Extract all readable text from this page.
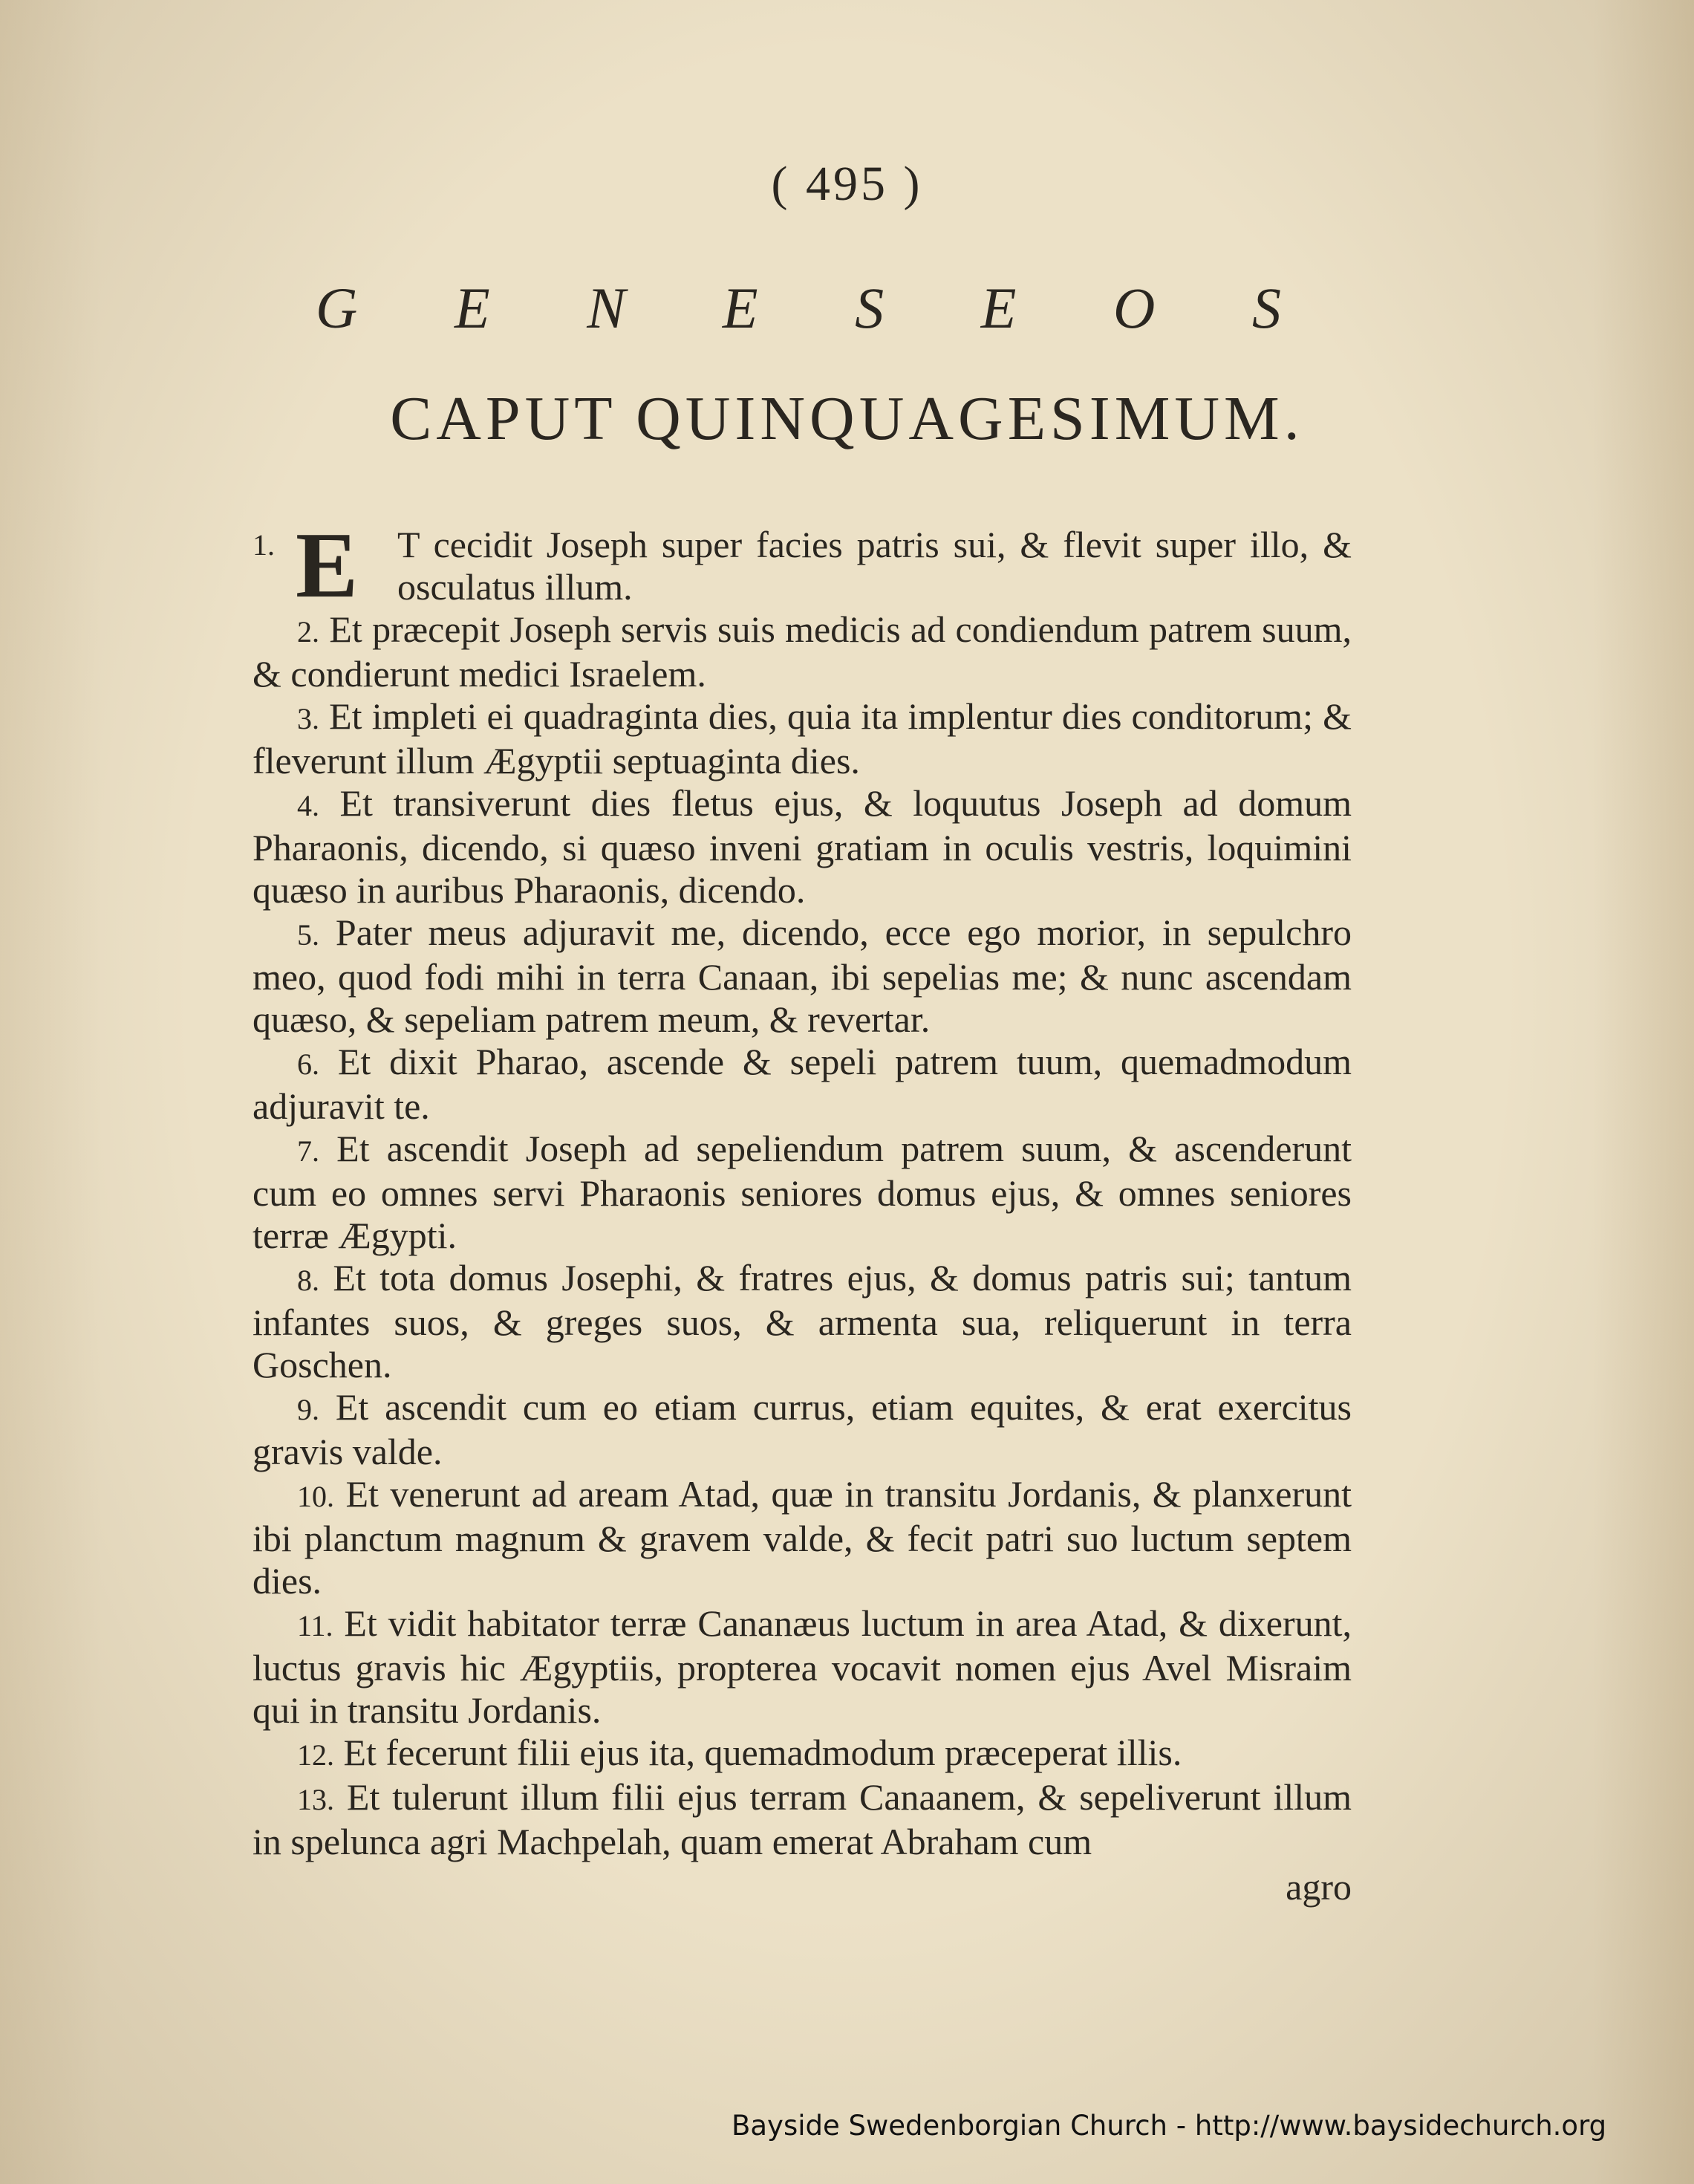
( 495 )
G E N E S E O S
CAPUT QUINQUAGESIMUM.

1. E T cecidit Joseph super facies patris sui, & flevit super illo, & osculatus illum.

2. Et præcepit Joseph servis suis medicis ad condiendum patrem suum, & condierunt medici Israelem.

3. Et impleti ei quadraginta dies, quia ita implentur dies conditorum; & fleverunt illum Ægyptii septuaginta dies.

4. Et transiverunt dies fletus ejus, & loquutus Joseph ad domum Pharaonis, dicendo, si quæso inveni gratiam in oculis vestris, loquimini quæso in auribus Pharaonis, dicendo.

5. Pater meus adjuravit me, dicendo, ecce ego morior, in sepulchro meo, quod fodi mihi in terra Canaan, ibi sepelias me; & nunc ascendam quæso, & sepeliam patrem meum, & revertar.

6. Et dixit Pharao, ascende & sepeli patrem tuum, quemadmodum adjuravit te.

7. Et ascendit Joseph ad sepeliendum patrem suum, & ascenderunt cum eo omnes servi Pharaonis seniores domus ejus, & omnes seniores terræ Ægypti.

8. Et tota domus Josephi, & fratres ejus, & domus patris sui; tantum infantes suos, & greges suos, & armenta sua, reliquerunt in terra Goschen.

9. Et ascendit cum eo etiam currus, etiam equites, & erat exercitus gravis valde.

10. Et venerunt ad aream Atad, quæ in transitu Jordanis, & planxerunt ibi planctum magnum & gravem valde, & fecit patri suo luctum septem dies.

11. Et vidit habitator terræ Cananæus luctum in area Atad, & dixerunt, luctus gravis hic Ægyptiis, propterea vocavit nomen ejus Avel Misraim qui in transitu Jordanis.

12. Et fecerunt filii ejus ita, quemadmodum præceperat illis.

13. Et tulerunt illum filii ejus terram Canaanem, & sepeliverunt illum in spelunca agri Machpelah, quam emerat Abraham cum

agro
Bayside Swedenborgian Church - http://www.baysidechurch.org
